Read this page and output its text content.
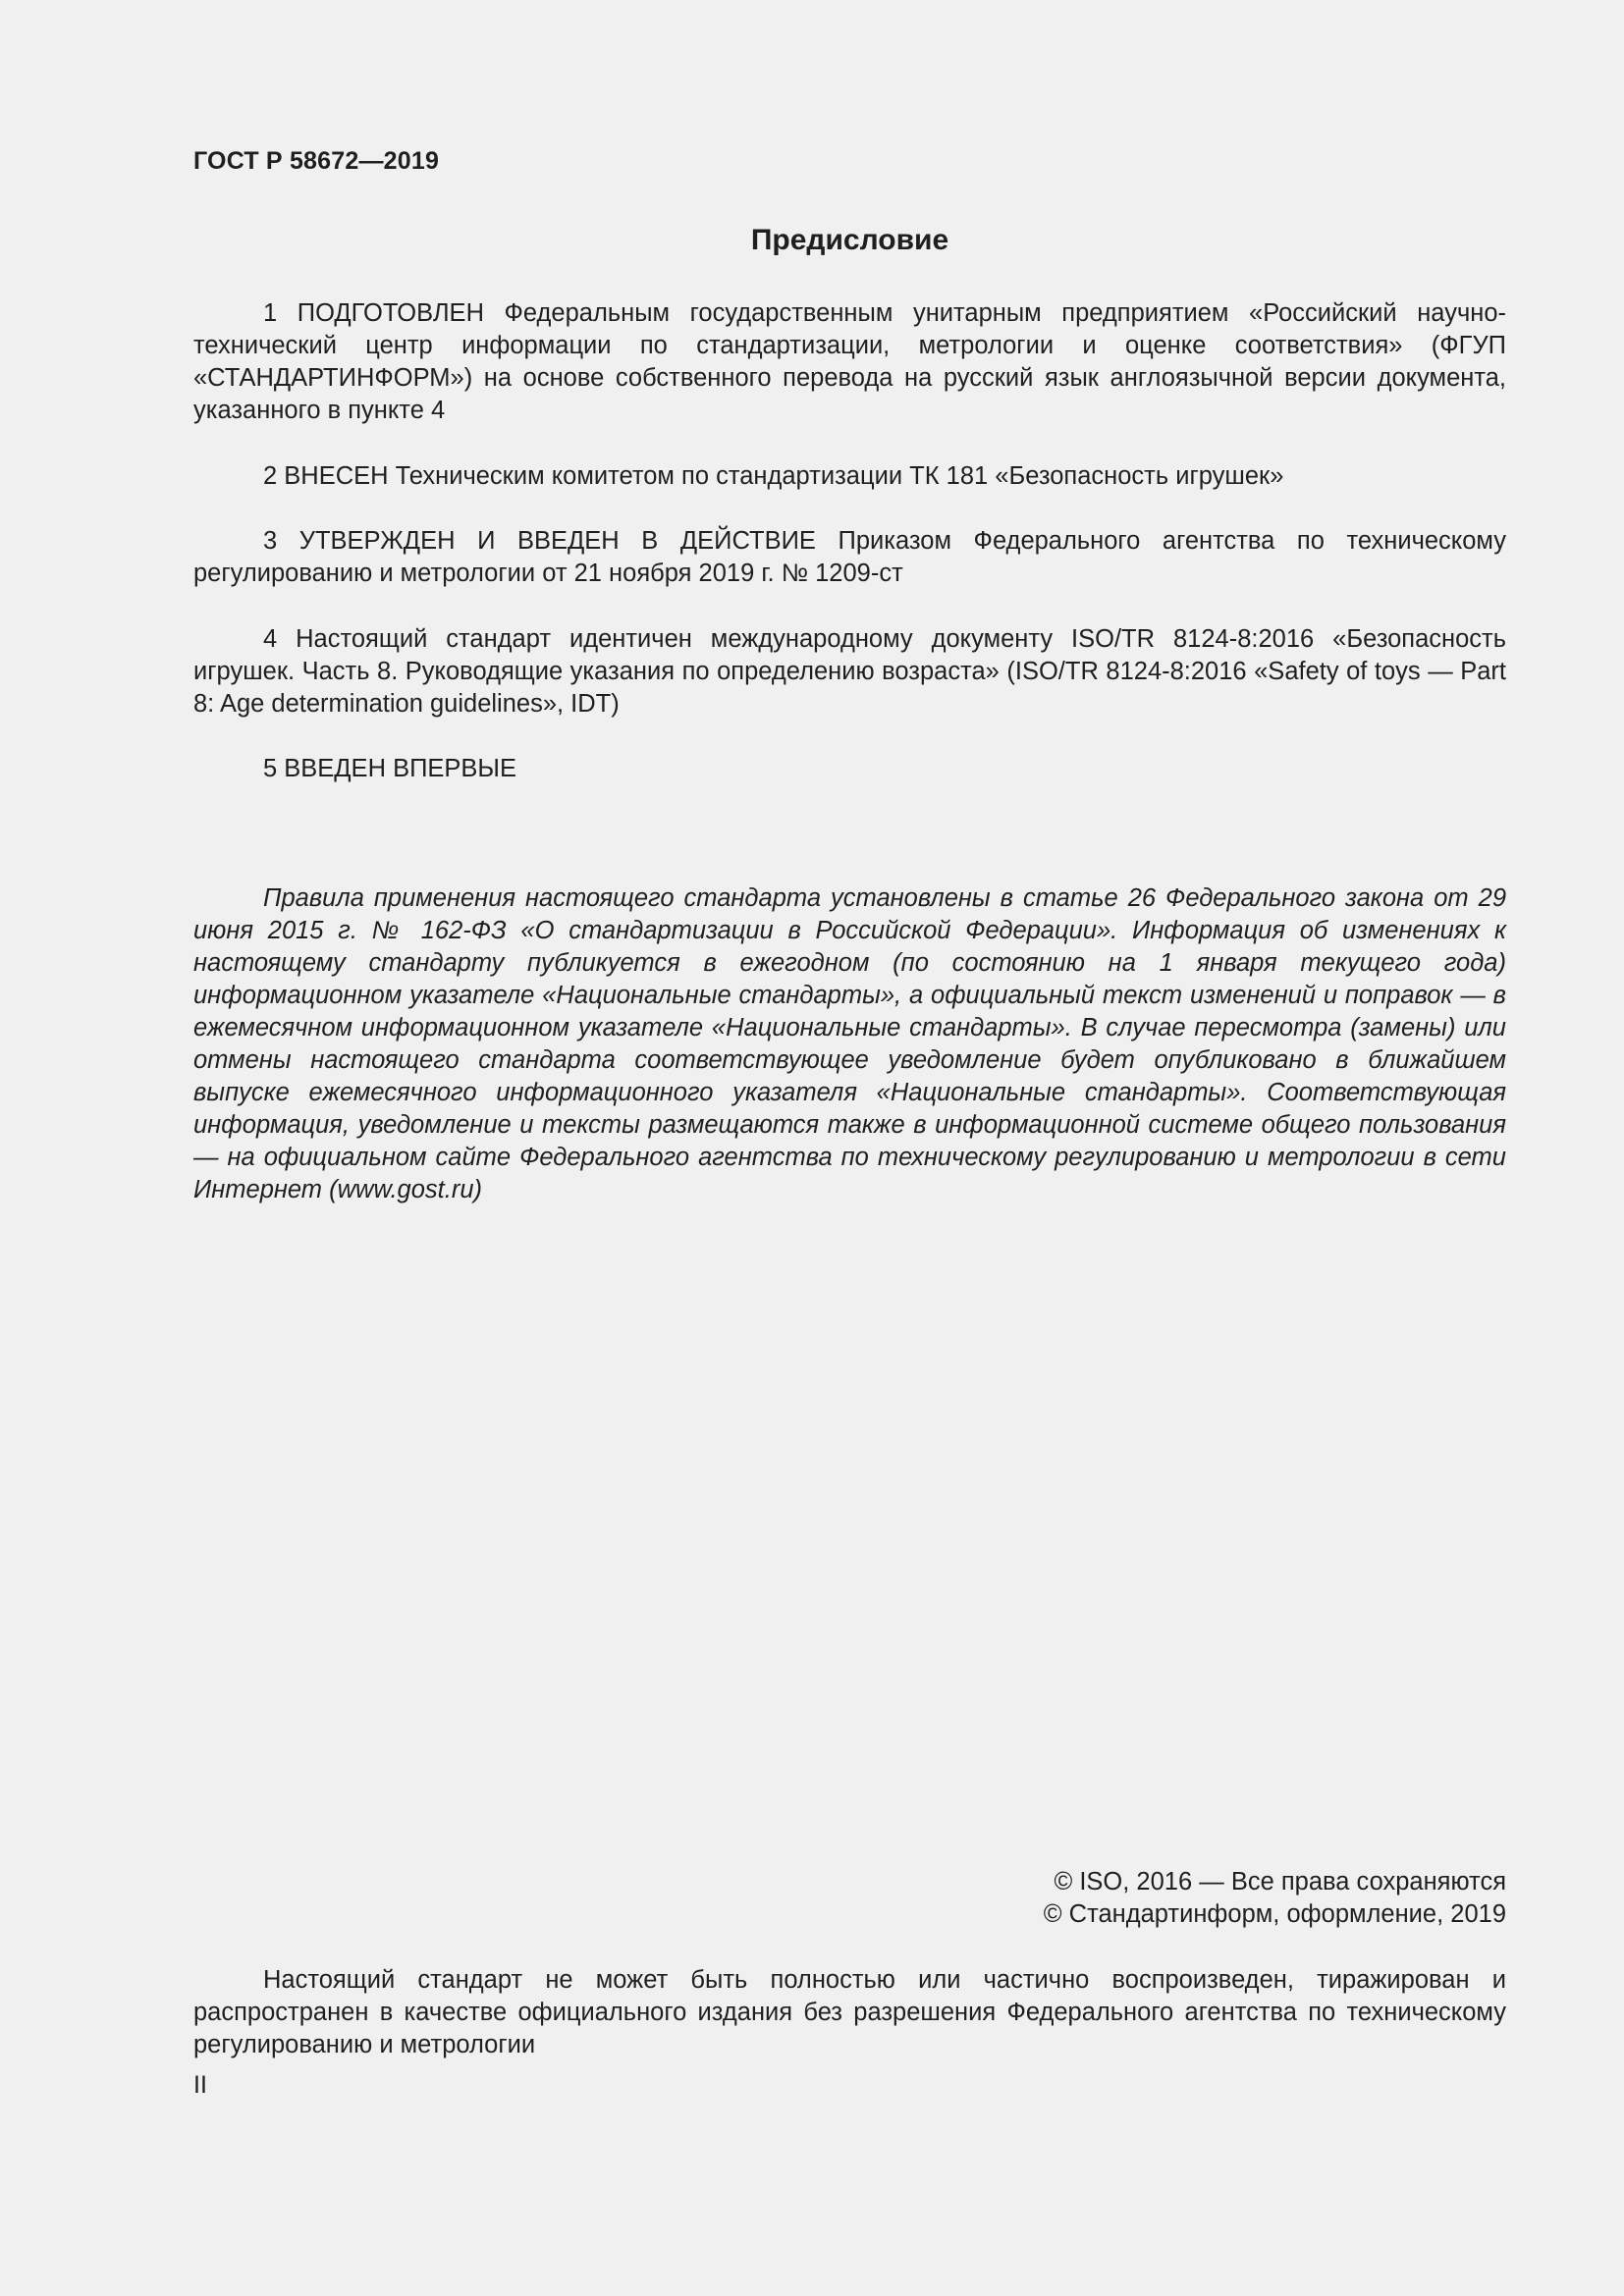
ГОСТ Р 58672—2019
Предисловие

1 ПОДГОТОВЛЕН Федеральным государственным унитарным предприятием «Российский научно-технический центр информации по стандартизации, метрологии и оценке соответствия» (ФГУП «СТАНДАРТИНФОРМ») на основе собственного перевода на русский язык англоязычной версии документа, указанного в пункте 4

2 ВНЕСЕН Техническим комитетом по стандартизации ТК 181 «Безопасность игрушек»

3 УТВЕРЖДЕН И ВВЕДЕН В ДЕЙСТВИЕ Приказом Федерального агентства по техническому регулированию и метрологии от 21 ноября 2019 г. № 1209-ст

4 Настоящий стандарт идентичен международному документу ISO/TR 8124-8:2016 «Безопасность игрушек. Часть 8. Руководящие указания по определению возраста» (ISO/TR 8124-8:2016 «Safety of toys — Part 8: Age determination guidelines», IDT)

5 ВВЕДЕН ВПЕРВЫЕ

Правила применения настоящего стандарта установлены в статье 26 Федерального закона от 29 июня 2015 г. № 162-ФЗ «О стандартизации в Российской Федерации». Информация об изменениях к настоящему стандарту публикуется в ежегодном (по состоянию на 1 января текущего года) информационном указателе «Национальные стандарты», а официальный текст изменений и поправок — в ежемесячном информационном указателе «Национальные стандарты». В случае пересмотра (замены) или отмены настоящего стандарта соответствующее уведомление будет опубликовано в ближайшем выпуске ежемесячного информационного указателя «Национальные стандарты». Соответствующая информация, уведомление и тексты размещаются также в информационной системе общего пользования — на официальном сайте Федерального агентства по техническому регулированию и метрологии в сети Интернет (www.gost.ru)

© ISO, 2016 — Все права сохраняются
© Стандартинформ, оформление, 2019

Настоящий стандарт не может быть полностью или частично воспроизведен, тиражирован и распространен в качестве официального издания без разрешения Федерального агентства по техническому регулированию и метрологии

II
